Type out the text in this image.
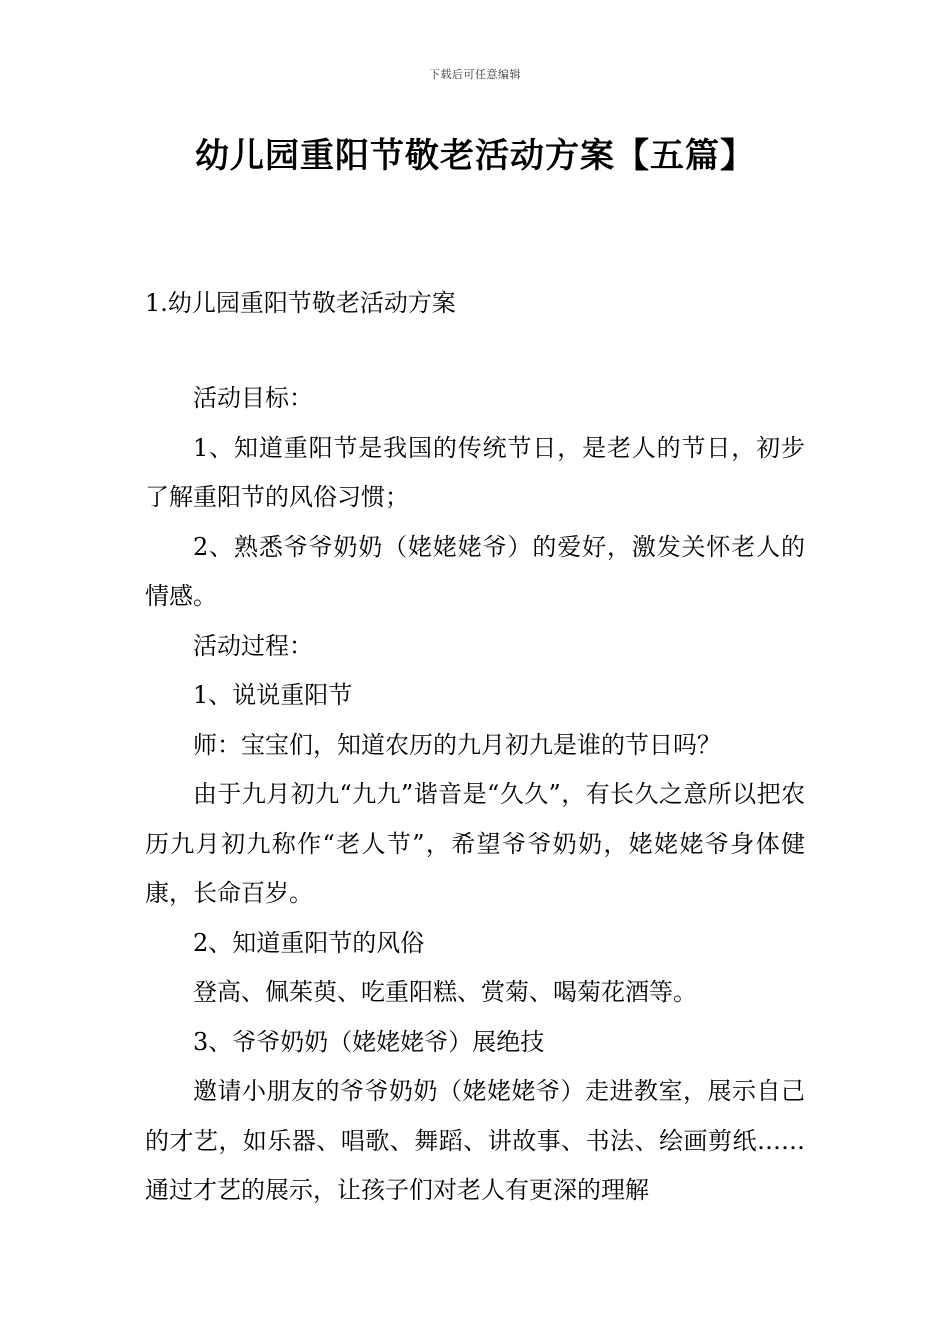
下载后可任意编辑
幼儿园重阳节敬老活动方案【五篇】
1.幼儿园重阳节敬老活动方案

活动目标：

1、知道重阳节是我国的传统节日，是老人的节日，初步了解重阳节的风俗习惯；

2、熟悉爷爷奶奶（姥姥姥爷）的爱好，激发关怀老人的情感。

活动过程：

1、说说重阳节

师：宝宝们，知道农历的九月初九是谁的节日吗？

由于九月初九“九九”谐音是“久久”，有长久之意所以把农历九月初九称作“老人节”，希望爷爷奶奶，姥姥姥爷身体健康，长命百岁。

2、知道重阳节的风俗

登高、佩茱萸、吃重阳糕、赏菊、喝菊花酒等。

3、爷爷奶奶（姥姥姥爷）展绝技

邀请小朋友的爷爷奶奶（姥姥姥爷）走进教室，展示自己的才艺，如乐器、唱歌、舞蹈、讲故事、书法、绘画剪纸……通过才艺的展示，让孩子们对老人有更深的理解
